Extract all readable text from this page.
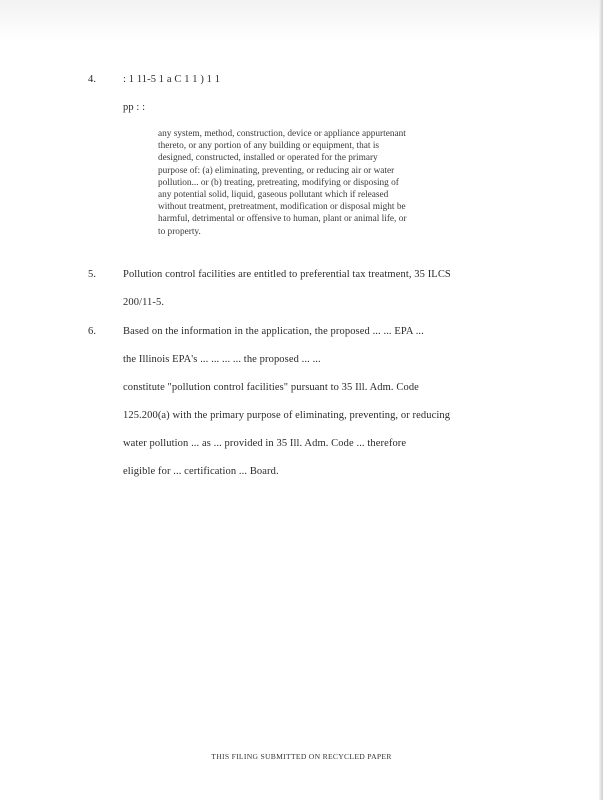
4.	: 1 11-5 1 a C 1 1 ) 1 1
pp : :
any system, method, construction, device or appliance appurtenant
thereto, or any portion of any building or equipment, that is
designed, constructed, installed or operated for the primary
purpose of: (a) eliminating, preventing, or reducing air or water
pollution... or (b) treating, pretreating, modifying or disposing of
any potential solid, liquid, gaseous pollutant which if released
without treatment, pretreatment, modification or disposal might be
harmful, detrimental or offensive to human, plant or animal life, or
to property.
5.	Pollution control facilities are entitled to preferential tax treatment, 35 ILCS
200/11-5.
6.	Based on the information in the application, the proposed ... ... EPA ...
the Illinois EPA's ... ... ... ... the proposed ... ...
constitute "pollution control facilities" pursuant to 35 Ill. Adm. Code
125.200(a) with the primary purpose of eliminating, preventing, or reducing
water pollution ... as ... provided in 35 Ill. Adm. Code ... therefore
eligible for ... certification ... Board.
THIS FILING SUBMITTED ON RECYCLED PAPER
